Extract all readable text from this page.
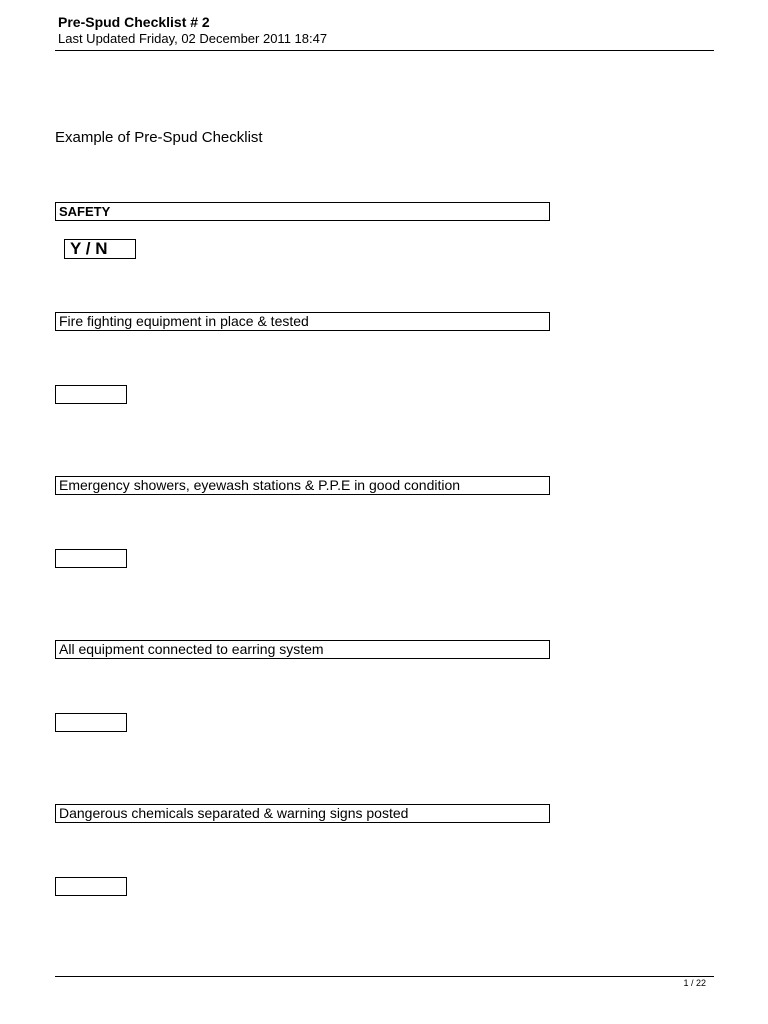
Pre-Spud Checklist # 2
Last Updated Friday, 02 December 2011 18:47
Example of Pre-Spud Checklist
SAFETY
Y / N
Fire fighting equipment in place & tested
Emergency showers, eyewash stations & P.P.E in good condition
All equipment connected to earring system
Dangerous chemicals separated & warning signs posted
1 / 22
